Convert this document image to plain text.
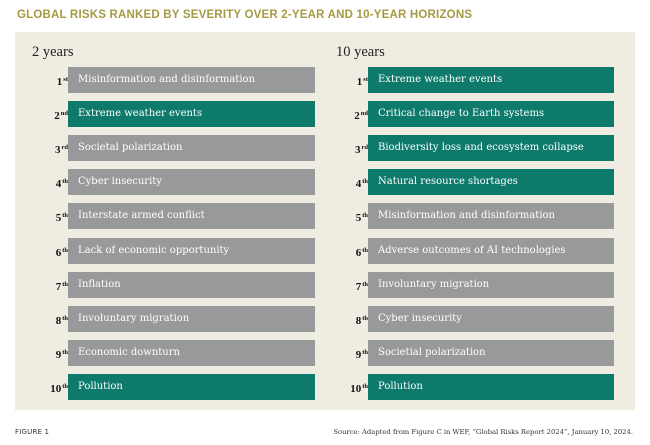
GLOBAL RISKS RANKED BY SEVERITY OVER 2-YEAR AND 10-YEAR HORIZONS
2 years
1st	Misinformation and disinformation
2nd	Extreme weather events
3rd	Societal polarization
4th	Cyber insecurity
5th	Interstate armed conflict
6th	Lack of economic opportunity
7th	Inflation
8th	Involuntary migration
9th	Economic downturn
10th	Pollution
10 years
1st	Extreme weather events
2nd	Critical change to Earth systems
3rd	Biodiversity loss and ecosystem collapse
4th	Natural resource shortages
5th	Misinformation and disinformation
6th	Adverse outcomes of AI technologies
7th	Involuntary migration
8th	Cyber insecurity
9th	Societial polarization
10th	Pollution
FIGURE 1	Source: Adapted from Figure C in WEF, “Global Risks Report 2024”, January 10, 2024.
